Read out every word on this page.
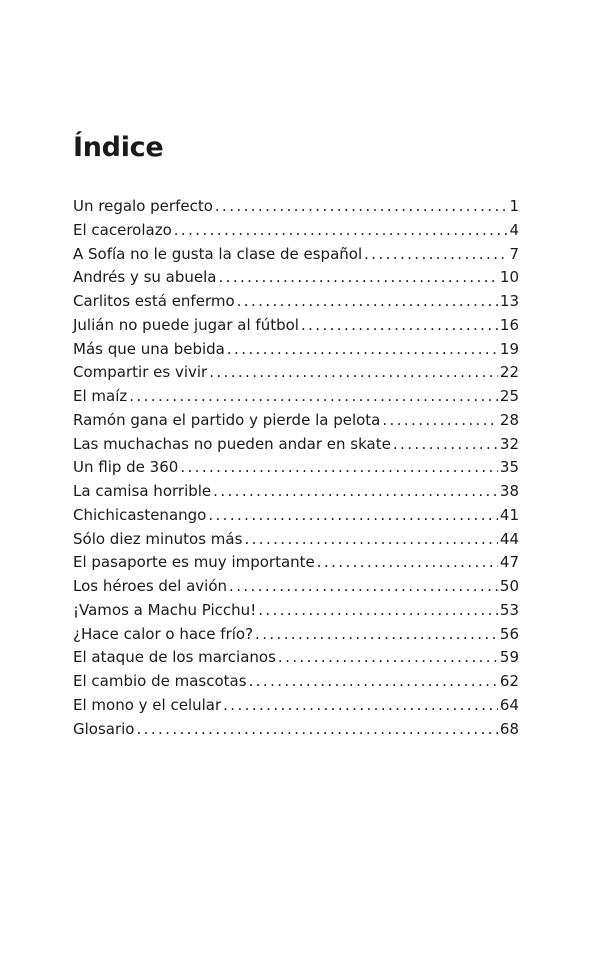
Índice
Un regalo perfecto .....	1
El cacerolazo .....	4
A Sofía no le gusta la clase de español .....	7
Andrés y su abuela .....	10
Carlitos está enfermo .....	13
Julián no puede jugar al fútbol .....	16
Más que una bebida .....	19
Compartir es vivir .....	22
El maíz .....	25
Ramón gana el partido y pierde la pelota .....	28
Las muchachas no pueden andar en skate .....	32
Un flip de 360 .....	35
La camisa horrible .....	38
Chichicastenango .....	41
Sólo diez minutos más .....	44
El pasaporte es muy importante .....	47
Los héroes del avión .....	50
¡Vamos a Machu Picchu! .....	53
¿Hace calor o hace frío? .....	56
El ataque de los marcianos .....	59
El cambio de mascotas .....	62
El mono y el celular .....	64
Glosario .....	68
